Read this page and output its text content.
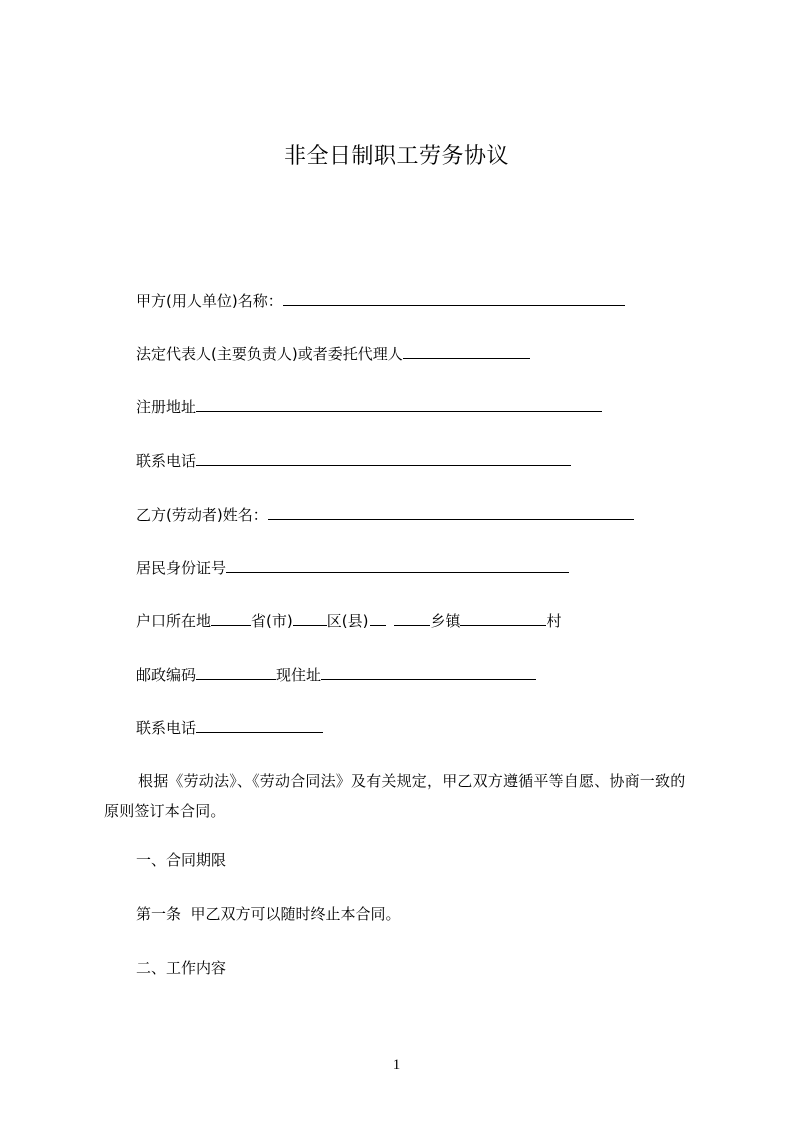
非全日制职工劳务协议
甲方(用人单位)名称：
法定代表人(主要负责人)或者委托代理人
注册地址
联系电话
乙方(劳动者)姓名：
居民身份证号
户口所在地	省(市) 区(县)	乡镇	村
邮政编码	现住址
联系电话
根据《劳动法》、《劳动合同法》及有关规定，甲乙双方遵循平等自愿、协商一致的原则签订本合同。
一、合同期限
第一条  甲乙双方可以随时终止本合同。
二、工作内容
1
